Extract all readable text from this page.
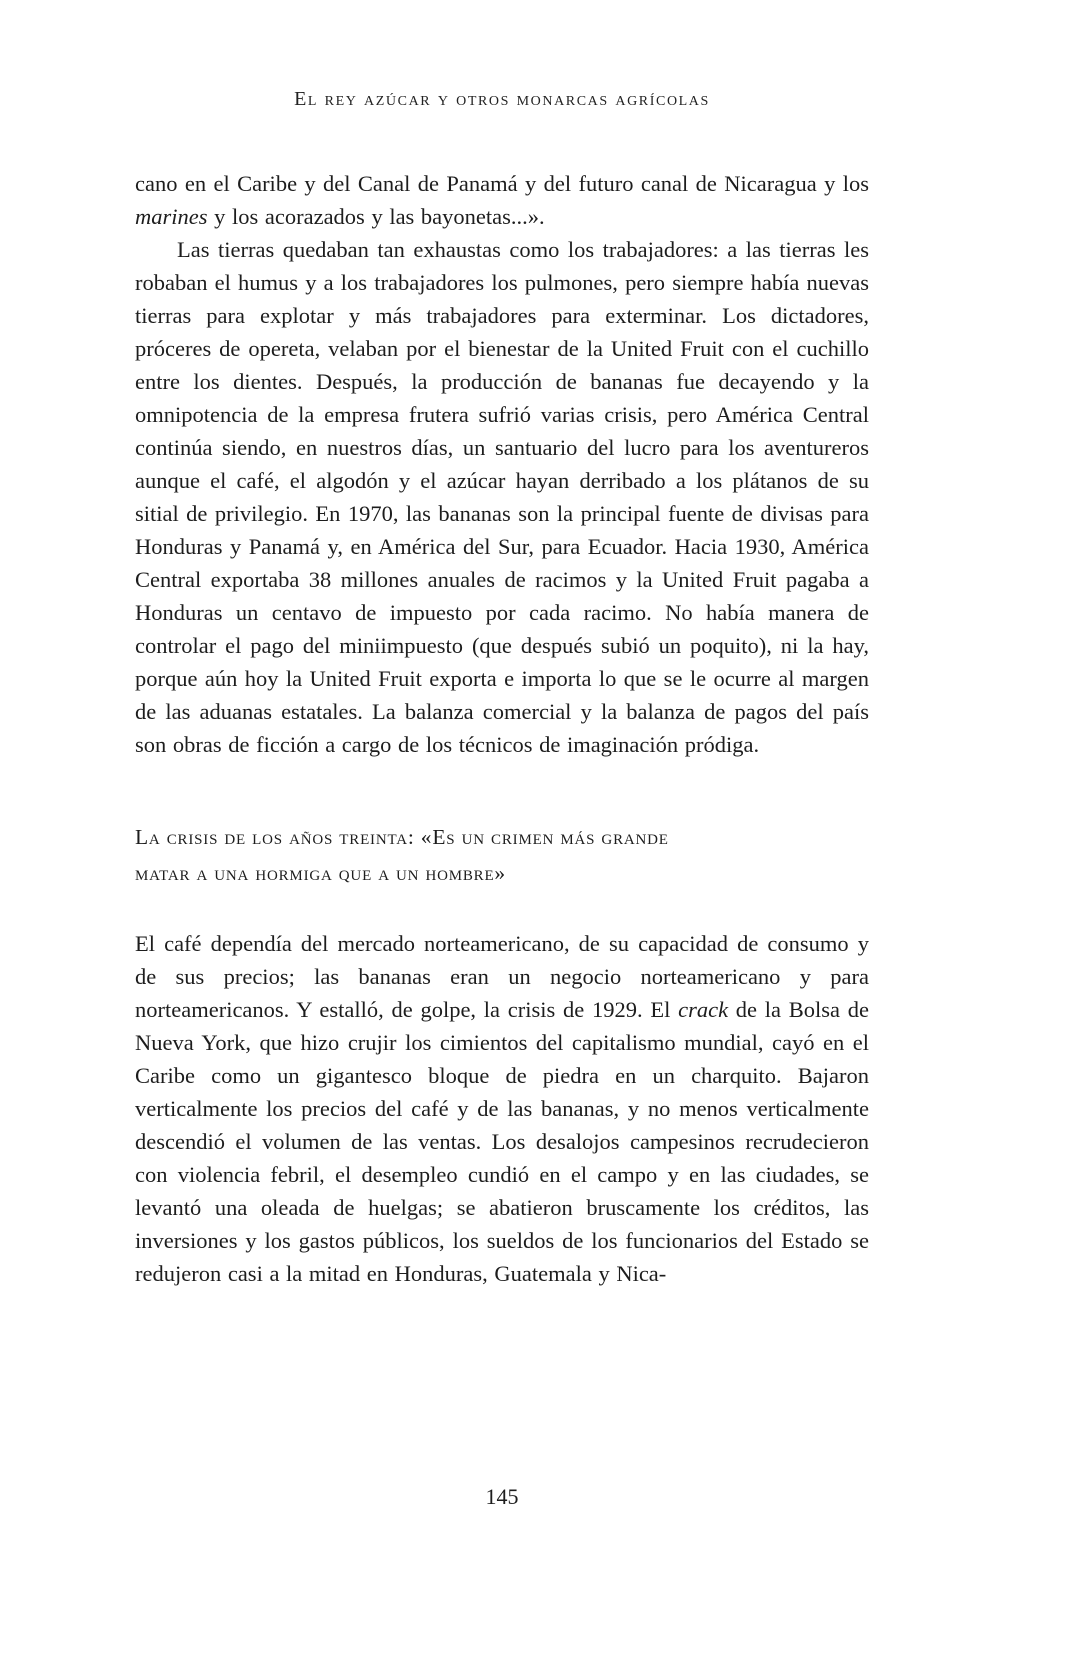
El rey azúcar y otros monarcas agrícolas

cano en el Caribe y del Canal de Panamá y del futuro canal de Nicaragua y los marines y los acorazados y las bayonetas...».

Las tierras quedaban tan exhaustas como los trabajadores: a las tierras les robaban el humus y a los trabajadores los pulmones, pero siempre había nuevas tierras para explotar y más trabajadores para exterminar. Los dictadores, próceres de opereta, velaban por el bienestar de la United Fruit con el cuchillo entre los dientes. Después, la producción de bananas fue decayendo y la omnipotencia de la empresa frutera sufrió varias crisis, pero América Central continúa siendo, en nuestros días, un santuario del lucro para los aventureros aunque el café, el algodón y el azúcar hayan derribado a los plátanos de su sitial de privilegio. En 1970, las bananas son la principal fuente de divisas para Honduras y Panamá y, en América del Sur, para Ecuador. Hacia 1930, América Central exportaba 38 millones anuales de racimos y la United Fruit pagaba a Honduras un centavo de impuesto por cada racimo. No había manera de controlar el pago del miniimpuesto (que después subió un poquito), ni la hay, porque aún hoy la United Fruit exporta e importa lo que se le ocurre al margen de las aduanas estatales. La balanza comercial y la balanza de pagos del país son obras de ficción a cargo de los técnicos de imaginación pródiga.

La crisis de los años treinta: «Es un crimen más grande
matar a una hormiga que a un hombre»

El café dependía del mercado norteamericano, de su capacidad de consumo y de sus precios; las bananas eran un negocio norteamericano y para norteamericanos. Y estalló, de golpe, la crisis de 1929. El crack de la Bolsa de Nueva York, que hizo crujir los cimientos del capitalismo mundial, cayó en el Caribe como un gigantesco bloque de piedra en un charquito. Bajaron verticalmente los precios del café y de las bananas, y no menos verticalmente descendió el volumen de las ventas. Los desalojos campesinos recrudecieron con violencia febril, el desempleo cundió en el campo y en las ciudades, se levantó una oleada de huelgas; se abatieron bruscamente los créditos, las inversiones y los gastos públicos, los sueldos de los funcionarios del Estado se redujeron casi a la mitad en Honduras, Guatemala y Nica-

145
